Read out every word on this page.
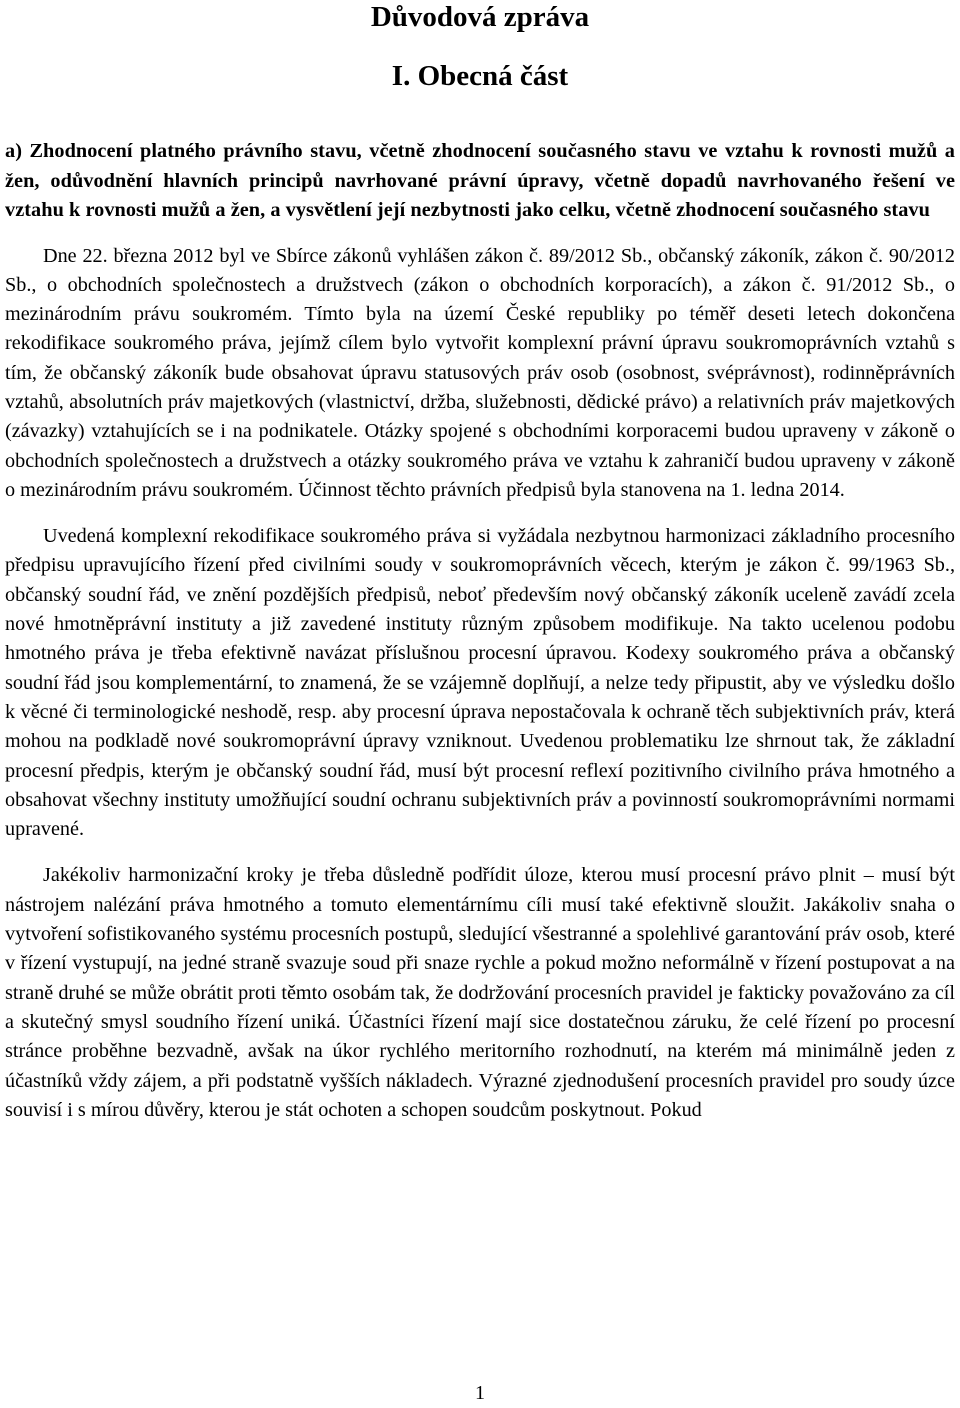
Důvodová zpráva
I. Obecná část
a) Zhodnocení platného právního stavu, včetně zhodnocení současného stavu ve vztahu k rovnosti mužů a žen, odůvodnění hlavních principů navrhované právní úpravy, včetně dopadů navrhovaného řešení ve vztahu k rovnosti mužů a žen, a vysvětlení její nezbytnosti jako celku, včetně zhodnocení současného stavu

Dne 22. března 2012 byl ve Sbírce zákonů vyhlášen zákon č. 89/2012 Sb., občanský zákoník, zákon č. 90/2012 Sb., o obchodních společnostech a družstvech (zákon o obchodních korporacích), a zákon č. 91/2012 Sb., o mezinárodním právu soukromém. Tímto byla na území České republiky po téměř deseti letech dokončena rekodifikace soukromého práva, jejímž cílem bylo vytvořit komplexní právní úpravu soukromoprávních vztahů s tím, že občanský zákoník bude obsahovat úpravu statusových práv osob (osobnost, svéprávnost), rodinněprávních vztahů, absolutních práv majetkových (vlastnictví, držba, služebnosti, dědické právo) a relativních práv majetkových (závazky) vztahujících se i na podnikatele. Otázky spojené s obchodními korporacemi budou upraveny v zákoně o obchodních společnostech a družstvech a otázky soukromého práva ve vztahu k zahraničí budou upraveny v zákoně o mezinárodním právu soukromém. Účinnost těchto právních předpisů byla stanovena na 1. ledna 2014.

Uvedená komplexní rekodifikace soukromého práva si vyžádala nezbytnou harmonizaci základního procesního předpisu upravujícího řízení před civilními soudy v soukromoprávních věcech, kterým je zákon č. 99/1963 Sb., občanský soudní řád, ve znění pozdějších předpisů, neboť především nový občanský zákoník uceleně zavádí zcela nové hmotněprávní instituty a již zavedené instituty různým způsobem modifikuje. Na takto ucelenou podobu hmotného práva je třeba efektivně navázat příslušnou procesní úpravou. Kodexy soukromého práva a občanský soudní řád jsou komplementární, to znamená, že se vzájemně doplňují, a nelze tedy připustit, aby ve výsledku došlo k věcné či terminologické neshodě, resp. aby procesní úprava nepostačovala k ochraně těch subjektivních práv, která mohou na podkladě nové soukromoprávní úpravy vzniknout. Uvedenou problematiku lze shrnout tak, že základní procesní předpis, kterým je občanský soudní řád, musí být procesní reflexí pozitivního civilního práva hmotného a obsahovat všechny instituty umožňující soudní ochranu subjektivních práv a povinností soukromoprávními normami upravené.

Jakékoliv harmonizační kroky je třeba důsledně podřídit úloze, kterou musí procesní právo plnit – musí být nástrojem nalézání práva hmotného a tomuto elementárnímu cíli musí také efektivně sloužit. Jakákoliv snaha o vytvoření sofistikovaného systému procesních postupů, sledující všestranné a spolehlivé garantování práv osob, které v řízení vystupují, na jedné straně svazuje soud při snaze rychle a pokud možno neformálně v řízení postupovat a na straně druhé se může obrátit proti těmto osobám tak, že dodržování procesních pravidel je fakticky považováno za cíl a skutečný smysl soudního řízení uniká. Účastníci řízení mají sice dostatečnou záruku, že celé řízení po procesní stránce proběhne bezvadně, avšak na úkor rychlého meritorního rozhodnutí, na kterém má minimálně jeden z účastníků vždy zájem, a při podstatně vyšších nákladech. Výrazné zjednodušení procesních pravidel pro soudy úzce souvisí i s mírou důvěry, kterou je stát ochoten a schopen soudcům poskytnout. Pokud

1
